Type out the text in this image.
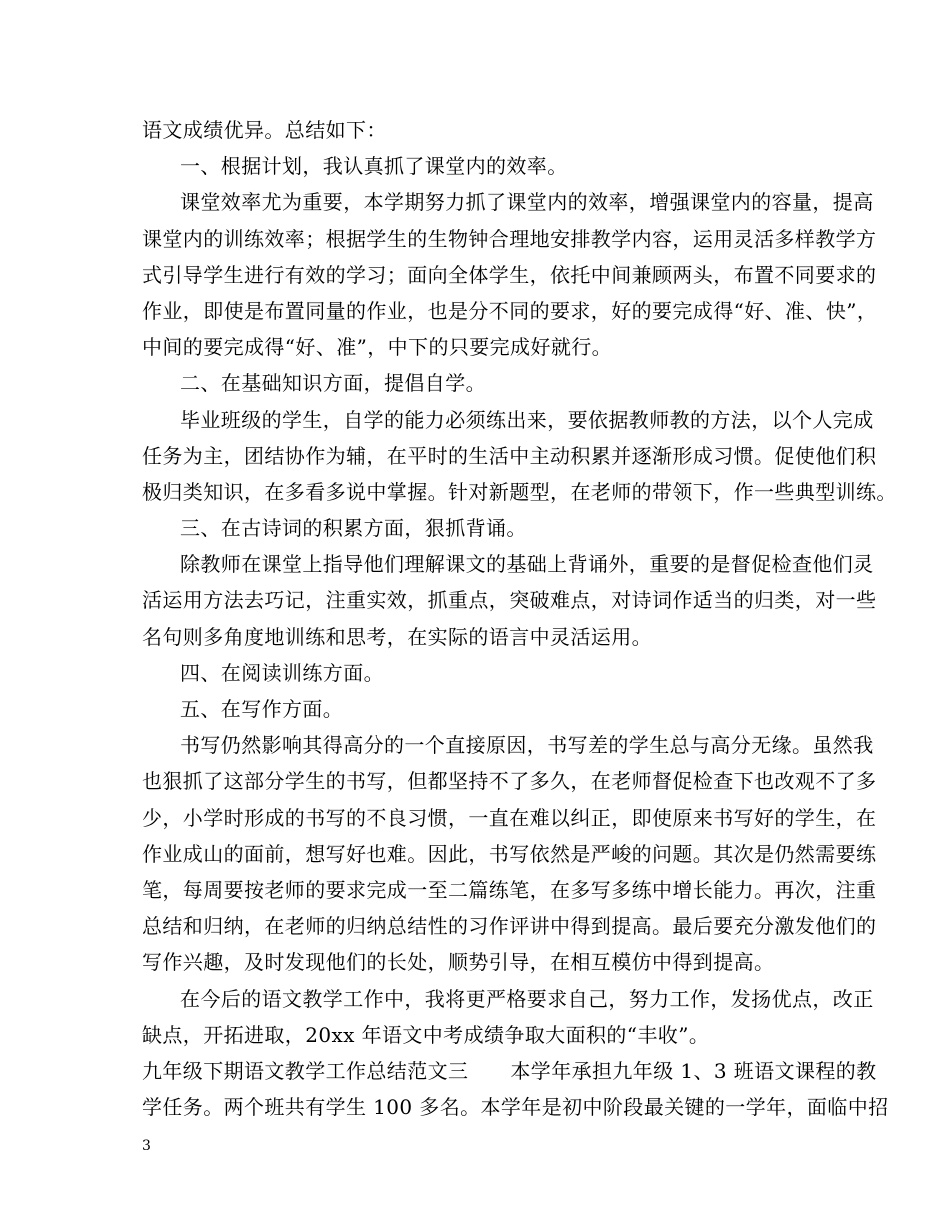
语文成绩优异。总结如下：
一、根据计划，我认真抓了课堂内的效率。
课堂效率尤为重要，本学期努力抓了课堂内的效率，增强课堂内的容量，提高
课堂内的训练效率；根据学生的生物钟合理地安排教学内容，运用灵活多样教学方
式引导学生进行有效的学习；面向全体学生，依托中间兼顾两头，布置不同要求的
作业，即使是布置同量的作业，也是分不同的要求，好的要完成得“好、准、快”，
中间的要完成得“好、准”，中下的只要完成好就行。
二、在基础知识方面，提倡自学。
毕业班级的学生，自学的能力必须练出来，要依据教师教的方法，以个人完成
任务为主，团结协作为辅，在平时的生活中主动积累并逐渐形成习惯。促使他们积
极归类知识，在多看多说中掌握。针对新题型，在老师的带领下，作一些典型训练。
三、在古诗词的积累方面，狠抓背诵。
除教师在课堂上指导他们理解课文的基础上背诵外，重要的是督促检查他们灵
活运用方法去巧记，注重实效，抓重点，突破难点，对诗词作适当的归类，对一些
名句则多角度地训练和思考，在实际的语言中灵活运用。
四、在阅读训练方面。
五、在写作方面。
书写仍然影响其得高分的一个直接原因，书写差的学生总与高分无缘。虽然我
也狠抓了这部分学生的书写，但都坚持不了多久，在老师督促检查下也改观不了多
少，小学时形成的书写的不良习惯，一直在难以纠正，即使原来书写好的学生，在
作业成山的面前，想写好也难。因此，书写依然是严峻的问题。其次是仍然需要练
笔，每周要按老师的要求完成一至二篇练笔，在多写多练中增长能力。再次，注重
总结和归纳，在老师的归纳总结性的习作评讲中得到提高。最后要充分激发他们的
写作兴趣，及时发现他们的长处，顺势引导，在相互模仿中得到提高。
在今后的语文教学工作中，我将更严格要求自己，努力工作，发扬优点，改正
缺点，开拓进取，20xx 年语文中考成绩争取大面积的“丰收”。
九年级下期语文教学工作总结范文三 本学年承担九年级 1、3 班语文课程的教
学任务。两个班共有学生 100 多名。本学年是初中阶段最关键的一学年，面临中招
3
